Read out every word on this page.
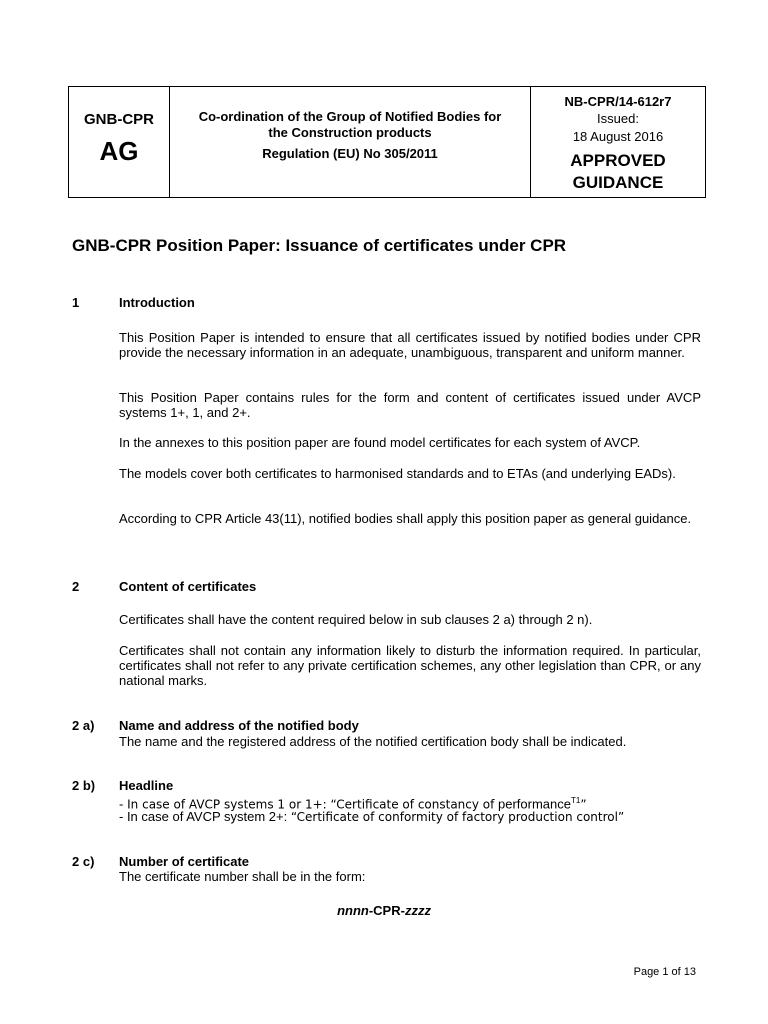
GNB-CPR
AG
Co-ordination of the Group of Notified Bodies for
the Construction products
Regulation (EU) No 305/2011
NB-CPR/14-612r7
Issued:
18 August 2016
APPROVED
GUIDANCE
GNB-CPR Position Paper: Issuance of certificates under CPR
1	Introduction

This Position Paper is intended to ensure that all certificates issued by notified bodies under CPR provide the necessary information in an adequate, unambiguous, transparent and uniform manner.

This Position Paper contains rules for the form and content of certificates issued under AVCP systems 1+, 1, and 2+.

In the annexes to this position paper are found model certificates for each system of AVCP.

The models cover both certificates to harmonised standards and to ETAs (and underlying EADs).

According to CPR Article 43(11), notified bodies shall apply this position paper as general guidance.

2	Content of certificates

Certificates shall have the content required below in sub clauses 2 a) through 2 n).

Certificates shall not contain any information likely to disturb the information required. In particular, certificates shall not refer to any private certification schemes, any other legislation than CPR, or any national marks.

2 a) Name and address of the notified body
The name and the registered address of the notified certification body shall be indicated.
2 b) Headline
- In case of AVCP systems 1 or 1+: “Certificate of constancy of performance$^{T1}$”
- In case of AVCP system 2+: “Certificate of conformity of factory production control”
2 c) Number of certificate
The certificate number shall be in the form:
nnnn-CPR-zzzz
Page 1 of 13
